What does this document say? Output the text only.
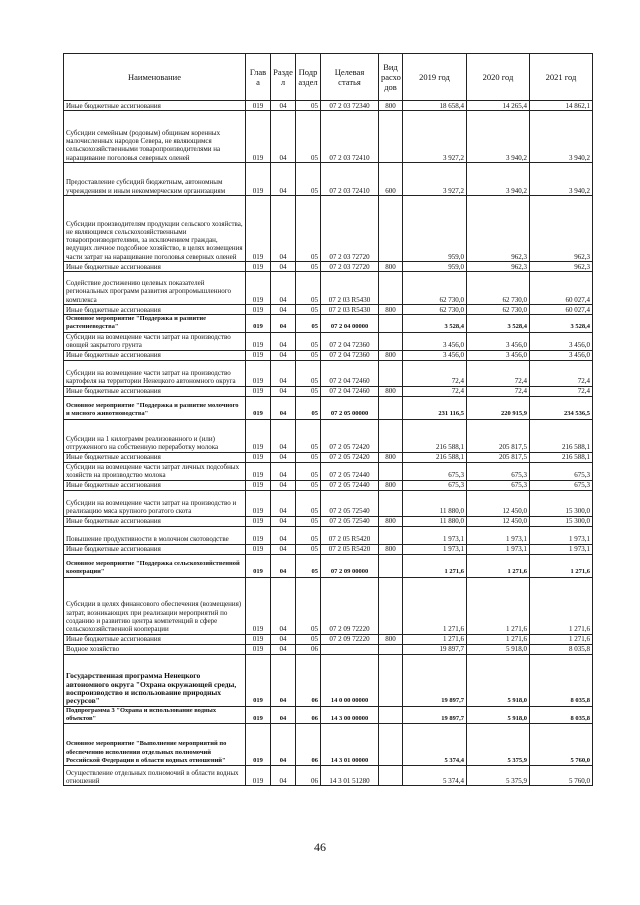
Наименование	Глав а	Разде л	Подр аздел	Целевая статья	Вид расхо дов	2019 год	2020 год	2021 год
Иные бюджетные ассигнования	019	04	05	07 2 03 72340	800	18 658,4	14 265,4	14 862,1
Субсидии семейным (родовым) общинам коренных малочисленных народов Севера, не являющимся сельскохозяйственными товаропроизводителями на наращивание поголовья северных оленей	019	04	05	07 2 03 72410		3 927,2	3 940,2	3 940,2
Предоставление субсидий бюджетным, автономным учреждениям и иным некоммерческим организациям	019	04	05	07 2 03 72410	600	3 927,2	3 940,2	3 940,2
Субсидии производителям продукции сельского хозяйства, не являющимся сельскохозяйственными товаропроизводителями, за исключением граждан, ведущих личное подсобное хозяйство, в целях возмещения части затрат на наращивание поголовья северных оленей	019	04	05	07 2 03 72720		959,0	962,3	962,3
Иные бюджетные ассигнования	019	04	05	07 2 03 72720	800	959,0	962,3	962,3
Содействие достижению целевых показателей региональных программ развития агропромышленного комплекса	019	04	05	07 2 03 R5430		62 730,0	62 730,0	60 027,4
Иные бюджетные ассигнования	019	04	05	07 2 03 R5430	800	62 730,0	62 730,0	60 027,4
Основное мероприятие "Поддержка и развитие растениеводства"	019	04	05	07 2 04 00000		3 528,4	3 528,4	3 528,4
Субсидии на возмещение части затрат на производство овощей закрытого грунта	019	04	05	07 2 04 72360		3 456,0	3 456,0	3 456,0
Иные бюджетные ассигнования	019	04	05	07 2 04 72360	800	3 456,0	3 456,0	3 456,0
Субсидии на возмещение части затрат на производство картофеля на территории Ненецкого автономного округа	019	04	05	07 2 04 72460		72,4	72,4	72,4
Иные бюджетные ассигнования	019	04	05	07 2 04 72460	800	72,4	72,4	72,4
Основное мероприятие "Поддержка и развитие молочного и мясного животноводства"	019	04	05	07 2 05 00000		231 116,5	220 915,9	234 536,5
Субсидии на 1 килограмм реализованного и (или) отгруженного на собственную переработку молока	019	04	05	07 2 05 72420		216 588,1	205 817,5	216 588,1
Иные бюджетные ассигнования	019	04	05	07 2 05 72420	800	216 588,1	205 817,5	216 588,1
Субсидии на возмещение части затрат личных подсобных хозяйств на производство молока	019	04	05	07 2 05 72440		675,3	675,3	675,3
Иные бюджетные ассигнования	019	04	05	07 2 05 72440	800	675,3	675,3	675,3
Субсидии на возмещение части затрат на производство и реализацию мяса крупного рогатого скота	019	04	05	07 2 05 72540		11 880,0	12 450,0	15 300,0
Иные бюджетные ассигнования	019	04	05	07 2 05 72540	800	11 880,0	12 450,0	15 300,0
Повышение продуктивности в молочном скотоводстве	019	04	05	07 2 05 R5420		1 973,1	1 973,1	1 973,1
Иные бюджетные ассигнования	019	04	05	07 2 05 R5420	800	1 973,1	1 973,1	1 973,1
Основное мероприятие "Поддержка сельскохозяйственной кооперации"	019	04	05	07 2 09 00000		1 271,6	1 271,6	1 271,6
Субсидии в целях финансового обеспечения (возмещения) затрат, возникающих при реализации мероприятий по созданию и развитию центра компетенций в сфере сельскохозяйственной кооперации	019	04	05	07 2 09 72220		1 271,6	1 271,6	1 271,6
Иные бюджетные ассигнования	019	04	05	07 2 09 72220	800	1 271,6	1 271,6	1 271,6
Водное хозяйство	019	04	06			19 897,7	5 918,0	8 035,8
Государственная программа Ненецкого автономного округа "Охрана окружающей среды, воспроизводство и использование природных ресурсов"	019	04	06	14 0 00 00000		19 897,7	5 918,0	8 035,8
Подпрограмма 3 "Охрана и использование водных объектов"	019	04	06	14 3 00 00000		19 897,7	5 918,0	8 035,8
Основное мероприятие "Выполнение мероприятий по обеспечению исполнения отдельных полномочий Российской Федерации в области водных отношений"	019	04	06	14 3 01 00000		5 374,4	5 375,9	5 760,0
Осуществление отдельных полномочий в области водных отношений	019	04	06	14 3 01 51280		5 374,4	5 375,9	5 760,0
46
